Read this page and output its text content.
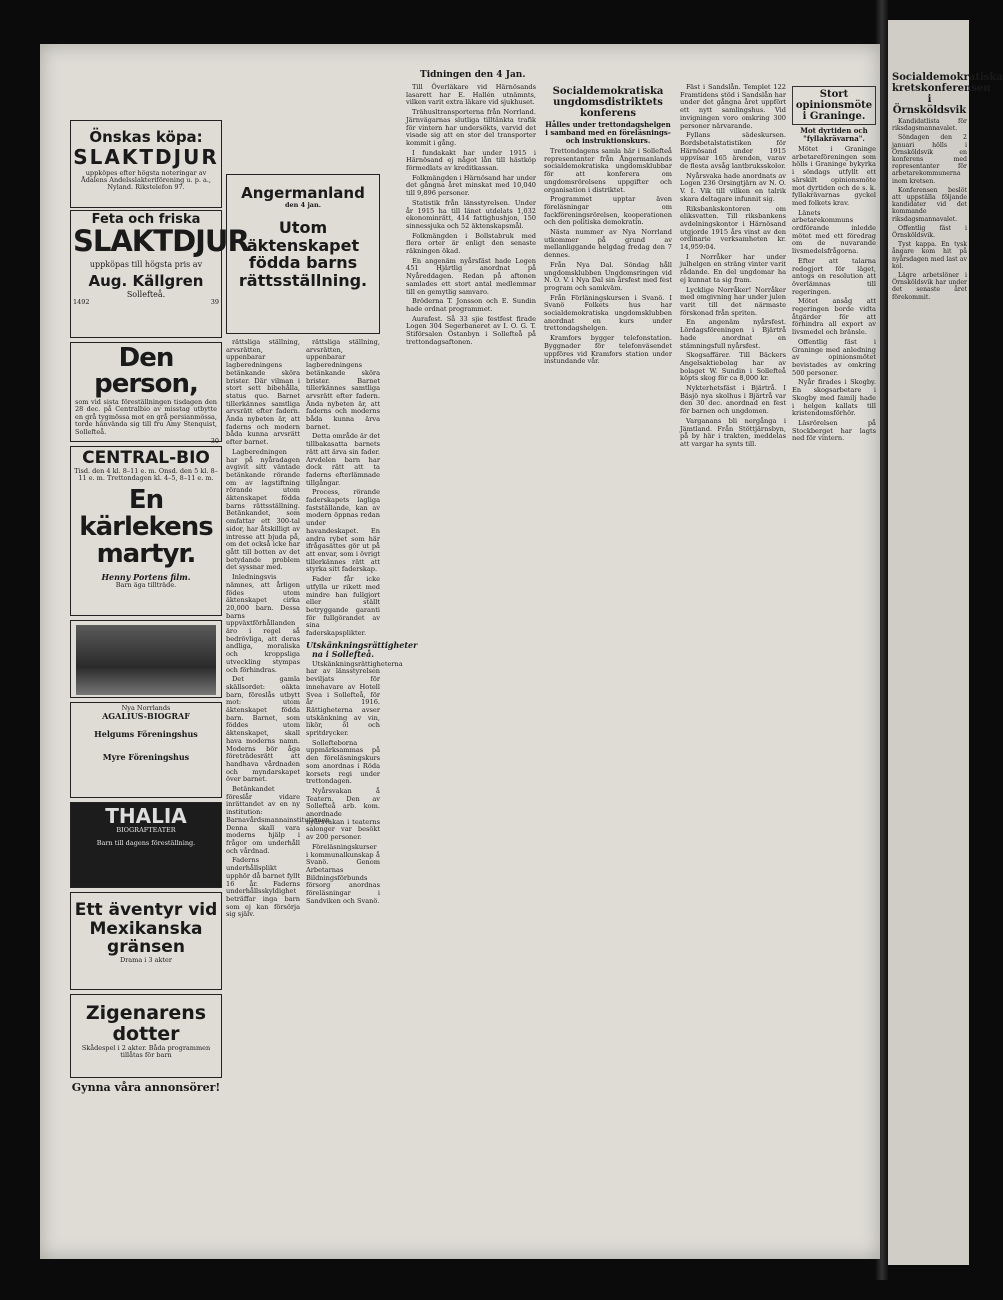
Tidningen den 4 Jan.
Önskas köpa:
SLAKTDJUR
uppköpes efter högsta noteringar av Ådalens Andelsslakteriförening u. p. a., Nyland. Rikstelefon 97.
Feta och friska
SLAKTDJUR
uppköpas till högsta pris av
Aug. Källgren
Sollefteå.
1492	39
Den person,
som vid sista föreställningen tisdagen den 28 dec. på Centralbio av misstag utbytte en grå tygmössa mot en grå persianmössa, torde hänvända sig till fru Amy Stenquist, Sollefteå.
30
CENTRAL-BIO
Tisd. den 4 kl. 8–11 e. m. Onsd. den 5 kl. 8–11 e. m. Trettondagen kl. 4–5, 8–11 e. m.
En kärlekens martyr.
Henny Portens film.
Barn äga tillträde.
Nya Norrlands
AGALIUS-BIOGRAF
Helgums Föreningshus
Myre Föreningshus
THALIA
BIOGRAFTEATER
Barn till dagens föreställning.
Ett äventyr vid Mexikanska gränsen
Drama i 3 akter
Zigenarens dotter
Skådespel i 2 akter. Båda programmen tillåtas för barn
Gynna våra annonsörer!
Angermanland
den 4 jan.
Utom äktenskapet födda barns rättsställning.

rättsliga ställning, arvsrätten, uppenbarar lagberedningens betänkande sköra brister. Där vilman i stort sett bibehålla, status quo. Barnet tillerkännes samtliga arvsrätt efter fadern. Ända nybeten är, att faderns och modern båda kunna arvsrätt efter barnet.

Lagberedningen har på nyåradagen avgivit sitt väntade betänkande rörande om av lagstiftning rörande utom äktenskapet födda barns rättsställning. Betänkandet, som omfattar ett 300-tal sidor, har åtskilligt av intresse att bjuda på, om det också icke har gått till botten av det betydande problem det syssnar med.

Inledningsvis nämnes, att årligen födes utom äktenskapet cirka 20,000 barn. Dessa barns uppväxtförhållanden äro i regel så bedrövliga, att deras andliga, moraliska och kroppsliga utveckling stympas och förhindras.

Det gamla skällsordet: oäkta barn, föreslås utbytt mot: utom äktenskapet födda barn. Barnet, som föddes utom äktenskapet, skall hava moderns namn. Moderns bör åga företrädesrätt att handhava vårdnaden och myndarskapet över barnet.

Betänkandet föreslår vidare inrättandet av en ny institution: Barnavårdsmannainstitutionen. Denna skall vara moderns hjälp i frågor om underhåll och vårdnad.

Faderns underhållsplikt upphör då barnet fyllt 16 år. Faderns underhållsskyldighet beträffar inga barn som ej kan försörja sig själv.

rättsliga ställning, arvsrätten, uppenbarar lagberedningens betänkande sköra brister. Barnet tillerkännes samtliga arvsrätt efter fadern. Ända nybeten är, att faderns och moderns båda kunna ärva barnet.

Detta område är det tillbakasatta barnets rätt att ärva sin fader. Arvdelen barn har dock rätt att ta faderns efterlämnade tillgångar.

Process, rörande faderskapets lagliga fastställande, kan av modern öppnas redan under havandeskapet. En andra rybet som här ifrågasättes gör ut på att envar, som i övrigt tillerkännes rätt att styrka sitt faderskap.

Fader får icke utfylla ur rikett med mindre han fullgjort eller ställt betryggande garanti för fullgörandet av sina faderskapsplikter.

Utskänkningsrättigheter na i Sollefteå.

Utskänkningsrättigheterna har av länsstyrelsen beviljats för innehavare av Hotell Svea i Sollefteå, för år 1916. Rättigheterna avser utskänkning av vin, likör, öl och spritdrycker.

Sollefteborna uppmärksammas på den föreläsningskurs som anordnas i Röda korsets regi under trettondagen.

Nyårsvakan å Teatern. Den av Sollefteå arb. kom. anordnade nyårsvakan i teaterns salonger var besökt av 200 personer.

Föreläsningskurser i kommunalkunskap å Svanö. Genom Arbetarnas Bildningsförbunds försorg anordnas föreläsningar i Sandviken och Svanö.

Till Överläkare vid Härnösands lasarett har E. Hallén utnämnts, vilken varit extra läkare vid sjukhuset.

Trähusltransporterna från Norrland. Järnvägarnas slutliga tilltänkta trafik för vintern har undersökts, varvid det visade sig att en stor del transporter kommit i gång.

I fundakakt har under 1915 i Härnösand ej något lån till hästköp förmedlats av kreditkassan.

Folkmängden i Härnösand har under det gångna året minskat med 10,040 till 9,896 personer.

Statistik från länsstyrelsen. Under år 1915 ha till länet utdelats 1,032 ekonominrätt, 414 fattighushjon, 150 sinnessjuka och 52 äktenskapsmål.

Folkmängden i Bollstabruk med flera orter är enligt den senaste räkningen ökad.

En angenäm nyårsfäst hade Logen 451 Hjärtlig anordnat på Nyåreddagen. Redan på aftonen samlades ett stort antal medlemmar till en gemytlig samvaro.

Bröderna T. Jonsson och E. Sundin hade ordnat programmet.

Aurafest. Så 33 sjie festfest firade Logen 304 Segerbaneret av I. O. G. T. Stiförsalen Östanbyn i Sollefteå på trettondagsaftonen.

Socialdemokratiska ungdomsdistriktets konferens
Hålles under trettondagshelgen i samband med en föreläsnings- och instruktionskurs.

Trettondagens samla här i Sollefteå representanter från Ångermanlands socialdemokratiska ungdomsklubbar för att konferera om ungdomsrörelsens uppgifter och organisation i distriktet.

Programmet upptar även föreläsningar om fackföreningsrörelsen, kooperationen och den politiska demokratin.

Nästa nummer av Nya Norrland utkommer på grund av mellanliggande helgdag fredag den 7 dennes.

Från Nya Dal. Söndag håll ungdomsklubben Ungdomsringen vid N. O. V. i Nya Dal sin årsfest med fest program och samkväm.

Från Förläningskursen i Svanö. I Svanö Folkets hus har socialdemokratiska ungdomsklubben anordnat en kurs under trettondagshelgen.

Kramfors bygger telefonstation. Byggnader för telefonväsendet uppföres vid Kramfors station under instundande vår.

Fäst i Sandslån. Templet 122 Framtidens stöd i Sandslån har under det gångna året uppfört ett nytt samlingshus. Vid invigningen voro omkring 300 personer närvarande.

Fyllans sädeskursen. Bordsbetalstatistiken för Härnösand under 1915 uppvisar 165 ärenden, varav de flesta avsåg lantbruksskolor.

Nyårsvaka hade anordnats av Logen 236 Orsingtjärn av N. O. V. I. Vik till vilken en talrik skara deltagare infunnit sig.

Riksbankskontoren om eliksvatten. Till riksbankens avdelningskontor i Härnösand utgjorde 1915 års vinst av den ordinarie verksamheten kr. 14,959:04.

I Norråker har under julhelgen en sträng vinter varit rådande. En del ungdomar ha ej kunnat ta sig fram.

Lycklige Norråker! Norråker med omgivning har under julen varit till det närmaste förskonad från spriten.

En angenäm nyårsfest. Lördagsföreningen i Bjärtrå hade anordnat en stämningsfull nyårsfest.

Skogsaffärer. Till Bäckers Angelsaktiebolag har av bolaget W. Sundin i Sollefteå köpts skog för ca 8,000 kr.

Nykterhetsfäst i Bjärtrå. I Bäsjö nya skolhus i Bjärtrå var den 30 dec. anordnad en fest för barnen och ungdomen.

Varganans bli nergånga i Jämtland. Från Stöttjärnsbyn, på by här i trakten, meddelas att vargar ha synts till.

Stort opinionsmöte i Graninge.
Mot dyrtiden och "fyllakrävarna".

Mötet i Graninge arbetareföreningen som hölls i Graninge bykyrka i söndags utfyllt ett särskilt opinionsmöte mot dyrtiden och de s. k. fyllakrävarnas gyckel med folkets krav.

Länets arbetarekommuns ordförande inledde mötet med ett föredrag om de nuvarande livsmedelsfrågorna.

Efter att talarna redogjort för läget, antogs en resolution att överlämnas till regeringen.

Mötet ansåg att regeringen borde vidta åtgärder för att förhindra all export av livsmedel och bränsle.

Offentlig fäst i Graninge med anledning av opinionsmötet bevistades av omkring 500 personer.

Nyår firades i Skogby. En skogsarbetare i Skogby med familj hade i helgen kallats till kristendomsförhör.

Läsrörelsen på Stockberget har lagts ned för vintern.

Socialdemokratiska kretskonferensen i Örnsköldsvik

Kandidatlista för riksdagsmannavalet.

Söndagen den 2 januari hölls i Örnsköldsvik en konferens med representanter för arbetarekommunerna inom kretsen.

Konferensen beslöt att uppställa följande kandidater vid det kommande riksdagsmannavalet.

Offentlig fäst i Örnsköldsvik.

Tyst kappa. En tysk ångare kom hit på nyårsdagen med last av kol.

Lägre arbetslöner i Örnsköldsvik har under det senaste året förekommit.
